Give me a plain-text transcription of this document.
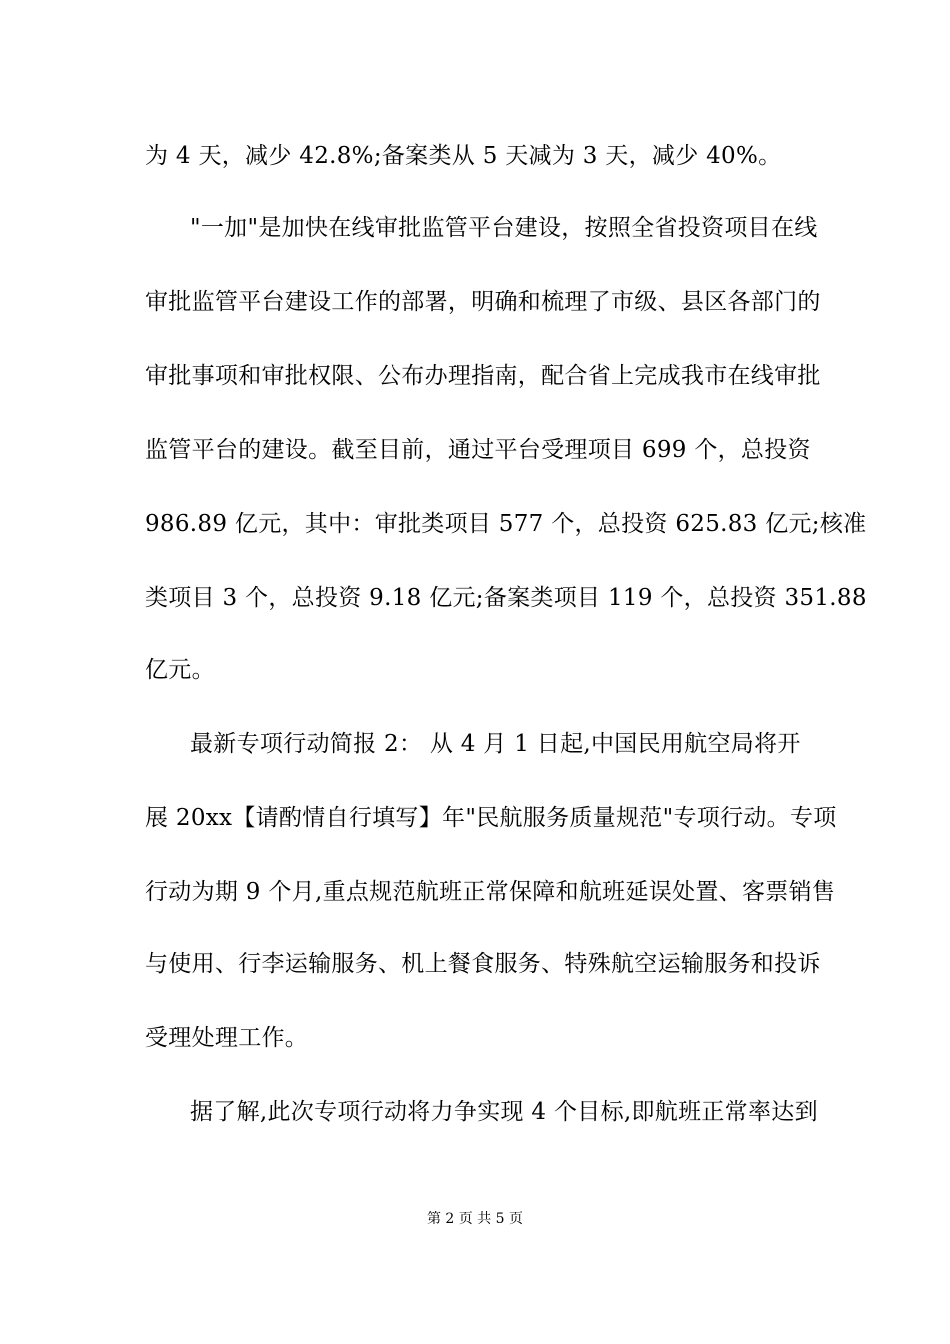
为 4 天，减少 42.8%;备案类从 5 天减为 3 天，减少 40%。
"一加"是加快在线审批监管平台建设，按照全省投资项目在线
审批监管平台建设工作的部署，明确和梳理了市级、县区各部门的
审批事项和审批权限、公布办理指南，配合省上完成我市在线审批
监管平台的建设。截至目前，通过平台受理项目 699 个，总投资
986.89 亿元，其中：审批类项目 577 个，总投资 625.83 亿元;核准
类项目 3 个，总投资 9.18 亿元;备案类项目 119 个，总投资 351.88
亿元。
最新专项行动简报 2： 从 4 月 1 日起,中国民用航空局将开
展 20xx【请酌情自行填写】年"民航服务质量规范"专项行动。专项
行动为期 9 个月,重点规范航班正常保障和航班延误处置、客票销售
与使用、行李运输服务、机上餐食服务、特殊航空运输服务和投诉
受理处理工作。
据了解,此次专项行动将力争实现 4 个目标,即航班正常率达到
第 2 页 共 5 页
